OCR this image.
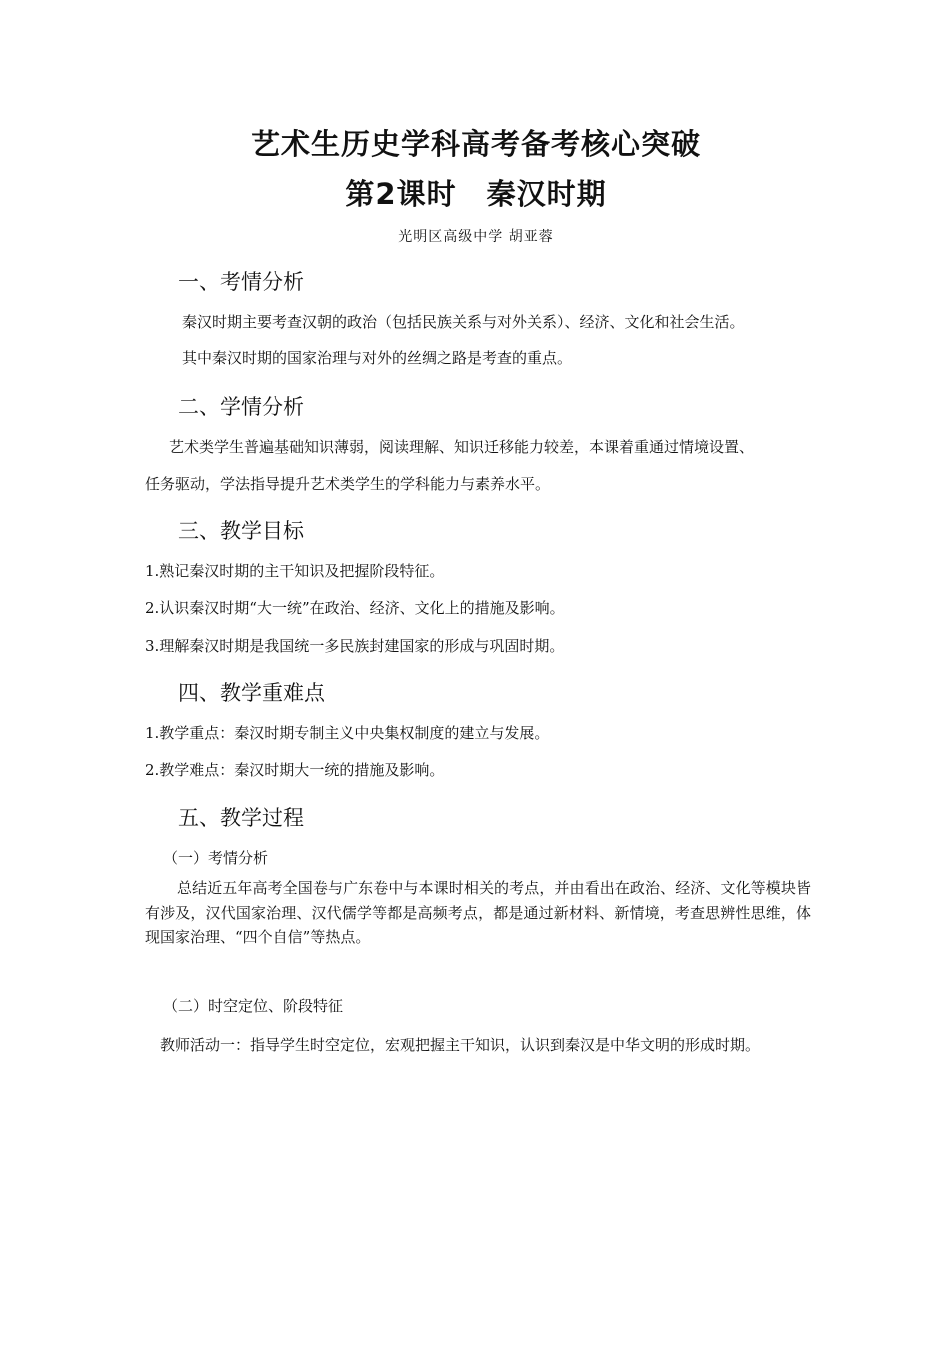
艺术生历史学科高考备考核心突破
第2课时　秦汉时期
光明区高级中学 胡亚蓉
一、考情分析
秦汉时期主要考查汉朝的政治（包括民族关系与对外关系）、经济、文化和社会生活。
其中秦汉时期的国家治理与对外的丝绸之路是考查的重点。
二、学情分析
艺术类学生普遍基础知识薄弱，阅读理解、知识迁移能力较差，本课着重通过情境设置、
任务驱动，学法指导提升艺术类学生的学科能力与素养水平。
三、教学目标
1.熟记秦汉时期的主干知识及把握阶段特征。
2.认识秦汉时期“大一统”在政治、经济、文化上的措施及影响。
3.理解秦汉时期是我国统一多民族封建国家的形成与巩固时期。
四、教学重难点
1.教学重点：秦汉时期专制主义中央集权制度的建立与发展。
2.教学难点：秦汉时期大一统的措施及影响。
五、教学过程
（一）考情分析
总结近五年高考全国卷与广东卷中与本课时相关的考点，并由看出在政治、经济、文化等模块皆有涉及，汉代国家治理、汉代儒学等都是高频考点，都是通过新材料、新情境，考查思辨性思维，体现国家治理、“四个自信”等热点。
（二）时空定位、阶段特征
教师活动一：指导学生时空定位，宏观把握主干知识，认识到秦汉是中华文明的形成时期。
